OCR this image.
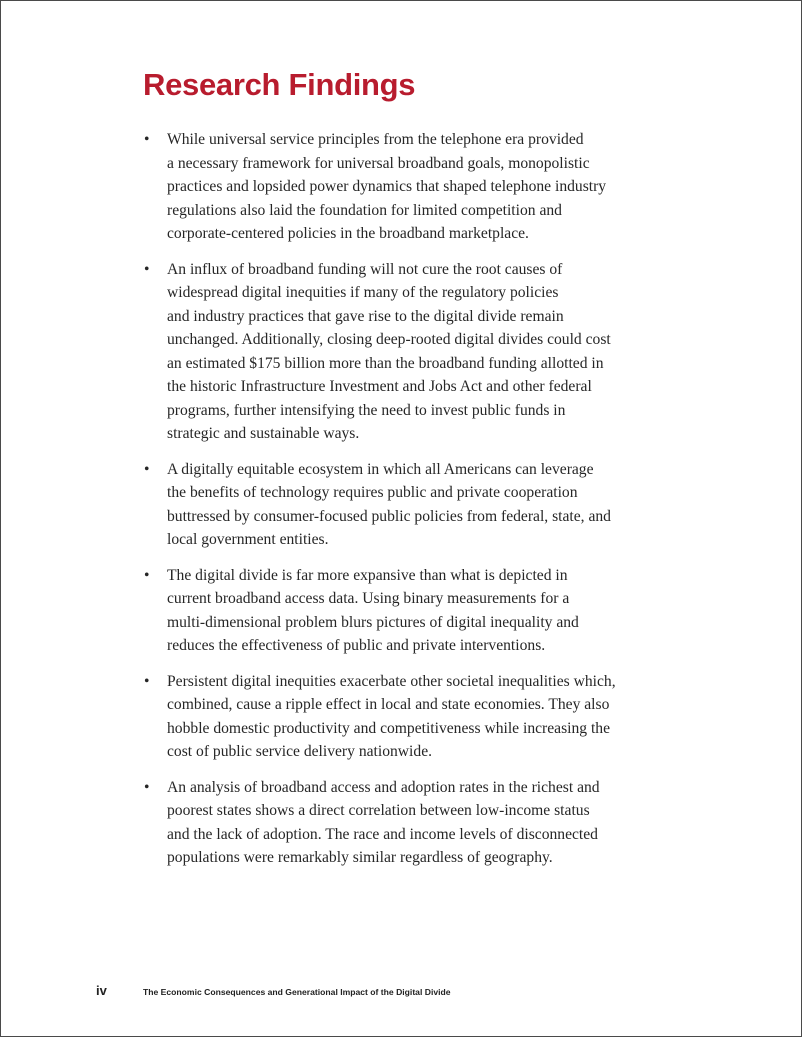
Research Findings
• While universal service principles from the telephone era provided
a necessary framework for universal broadband goals, monopolistic
practices and lopsided power dynamics that shaped telephone industry
regulations also laid the foundation for limited competition and
corporate-centered policies in the broadband marketplace.
• An influx of broadband funding will not cure the root causes of
widespread digital inequities if many of the regulatory policies
and industry practices that gave rise to the digital divide remain
unchanged. Additionally, closing deep-rooted digital divides could cost
an estimated $175 billion more than the broadband funding allotted in
the historic Infrastructure Investment and Jobs Act and other federal
programs, further intensifying the need to invest public funds in
strategic and sustainable ways.
• A digitally equitable ecosystem in which all Americans can leverage
the benefits of technology requires public and private cooperation
buttressed by consumer-focused public policies from federal, state, and
local government entities.
• The digital divide is far more expansive than what is depicted in
current broadband access data. Using binary measurements for a
multi-dimensional problem blurs pictures of digital inequality and
reduces the effectiveness of public and private interventions.
• Persistent digital inequities exacerbate other societal inequalities which,
combined, cause a ripple effect in local and state economies. They also
hobble domestic productivity and competitiveness while increasing the
cost of public service delivery nationwide.
• An analysis of broadband access and adoption rates in the richest and
poorest states shows a direct correlation between low-income status
and the lack of adoption. The race and income levels of disconnected
populations were remarkably similar regardless of geography.
iv	The Economic Consequences and Generational Impact of the Digital Divide
